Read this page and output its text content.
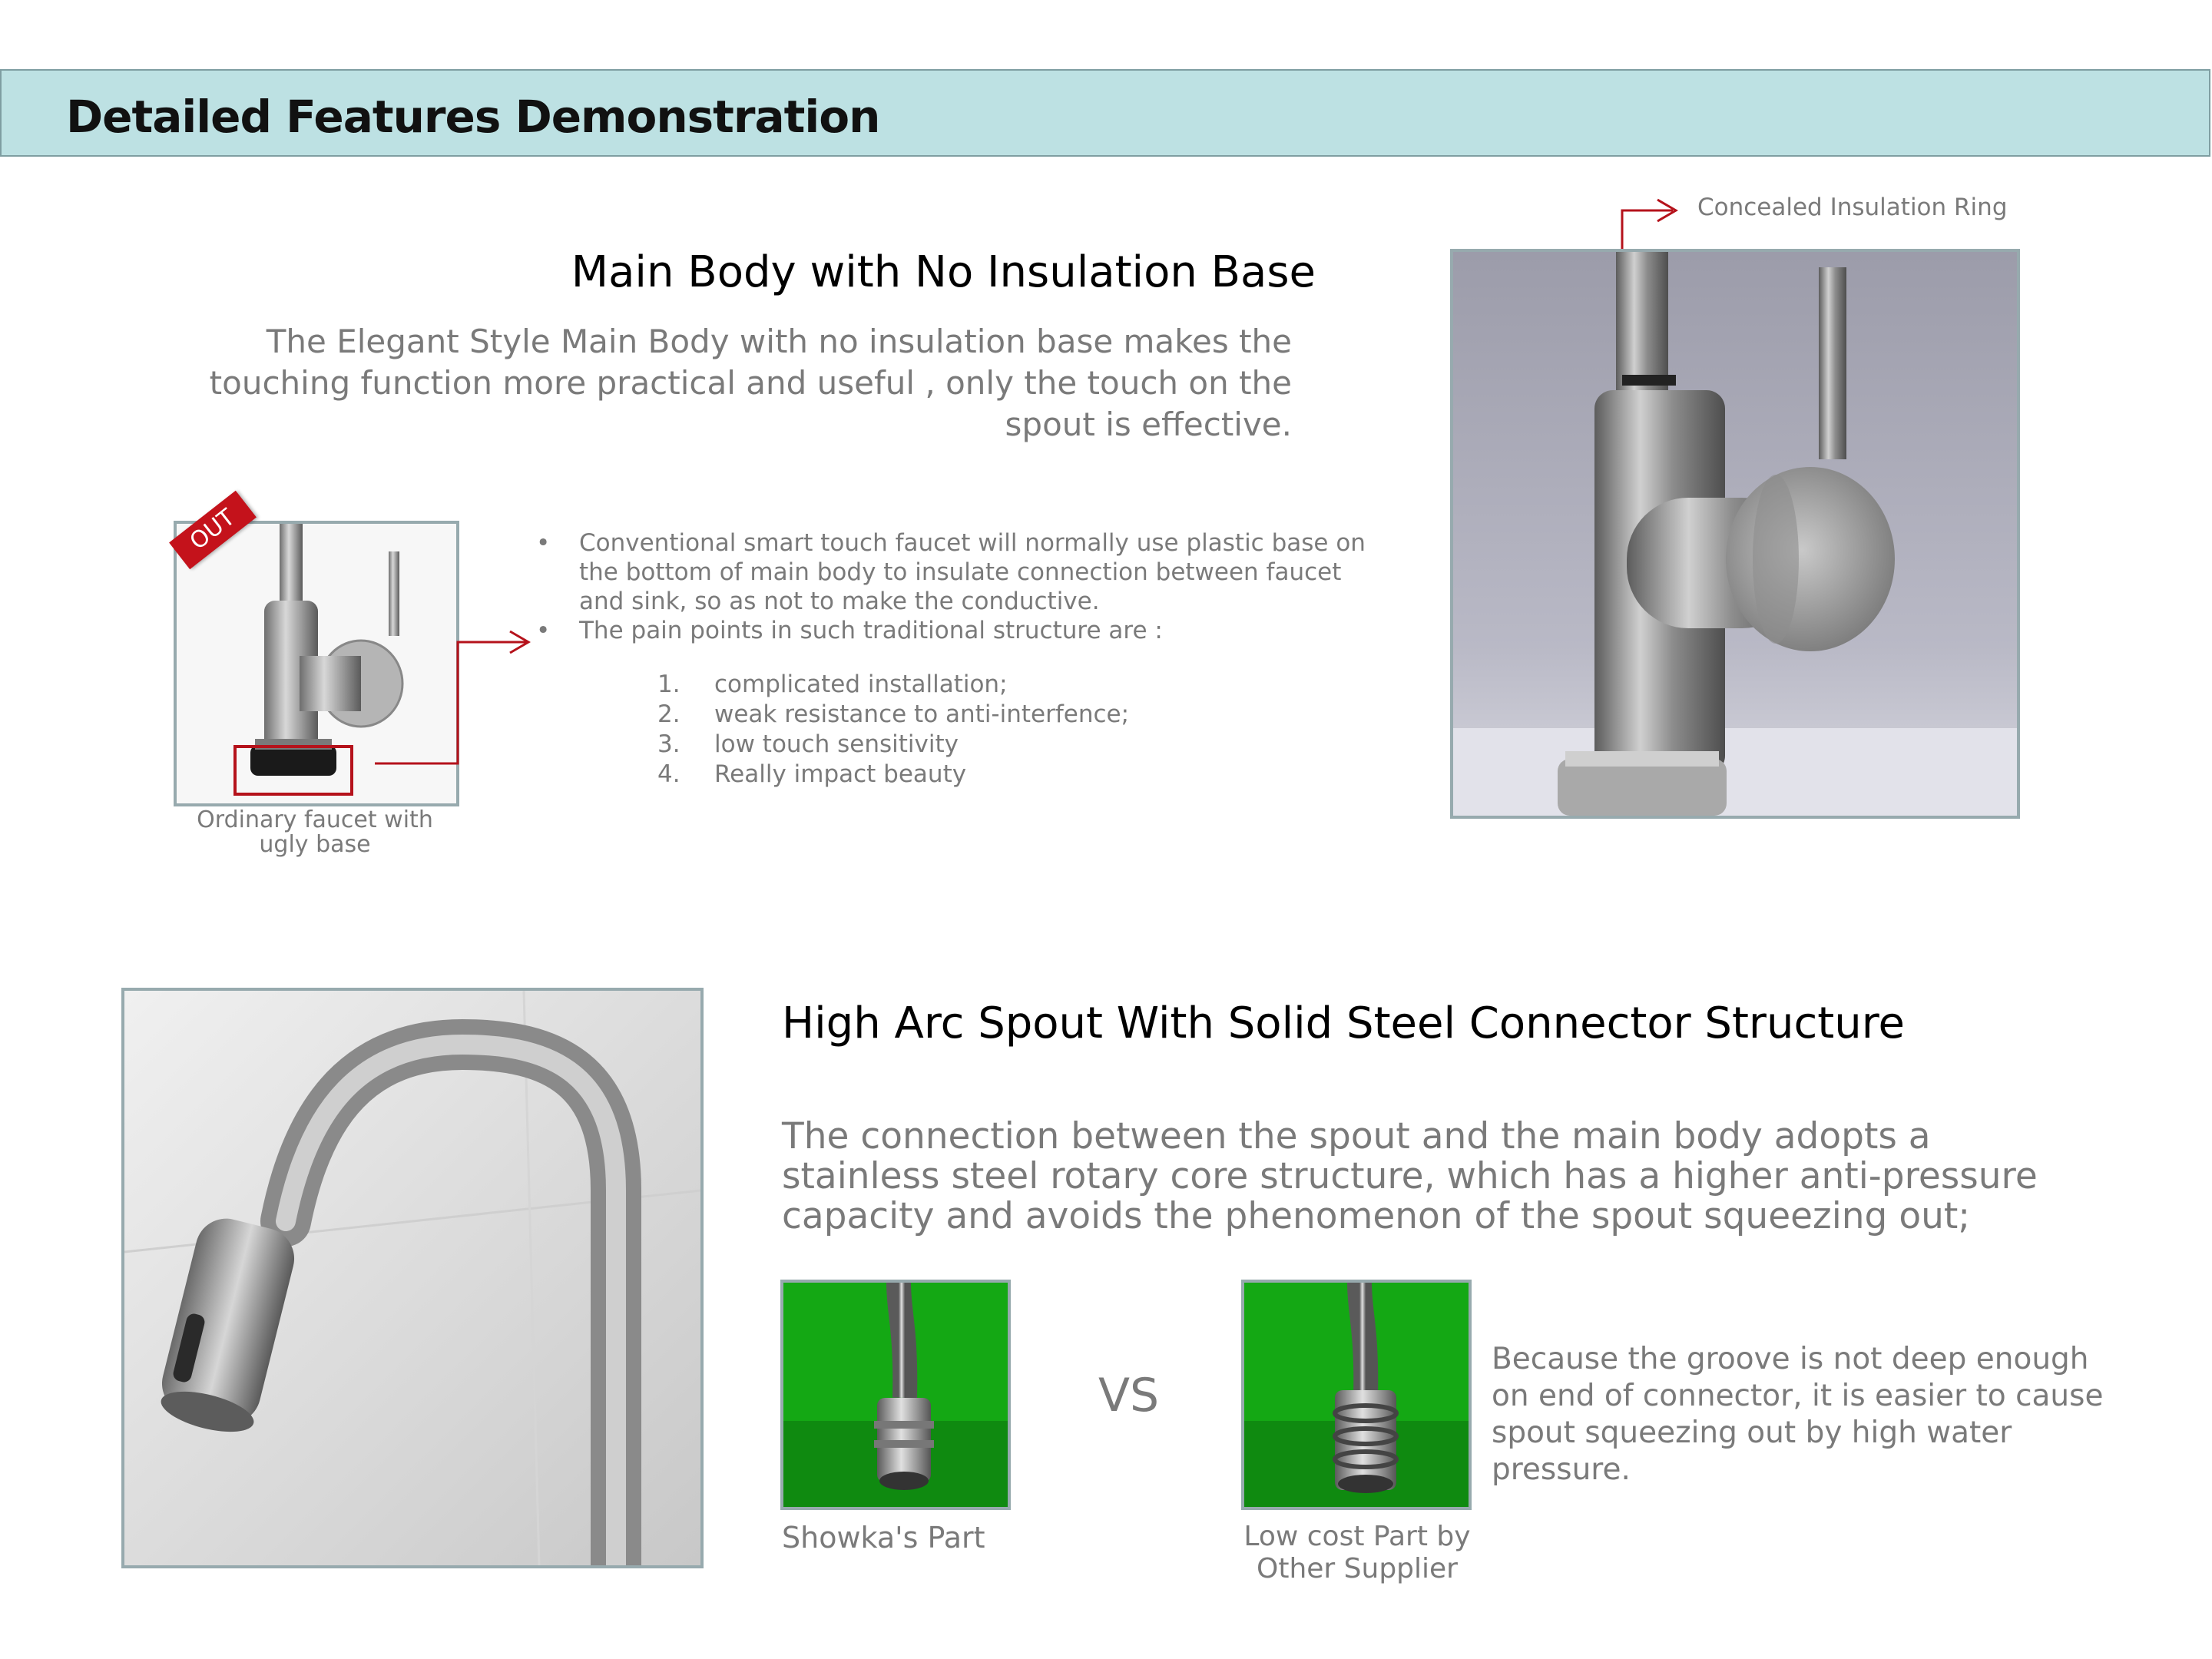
Detailed Features Demonstration
Main Body with No Insulation Base
The Elegant Style Main Body with no insulation base makes the touching function more practical and useful , only the touch on the spout is effective.
OUT
Ordinary faucet with ugly base
•	Conventional smart touch faucet will normally use plastic base on the bottom of main body to insulate connection between faucet and sink, so as not to make the conductive.
•	The pain points in such traditional structure are :
1.	complicated installation;
2.	weak resistance to anti-interfence;
3.	low touch sensitivity
4.	Really impact beauty
Concealed Insulation Ring
High Arc Spout With Solid Steel Connector Structure
The connection between the spout and the main body adopts a stainless steel rotary core structure, which has a higher anti-pressure capacity and avoids the phenomenon of the spout squeezing out;
VS
Showka's Part	Low cost Part by Other Supplier
Because the groove is not deep enough on end of connector, it is easier to cause spout squeezing out by high water pressure.
